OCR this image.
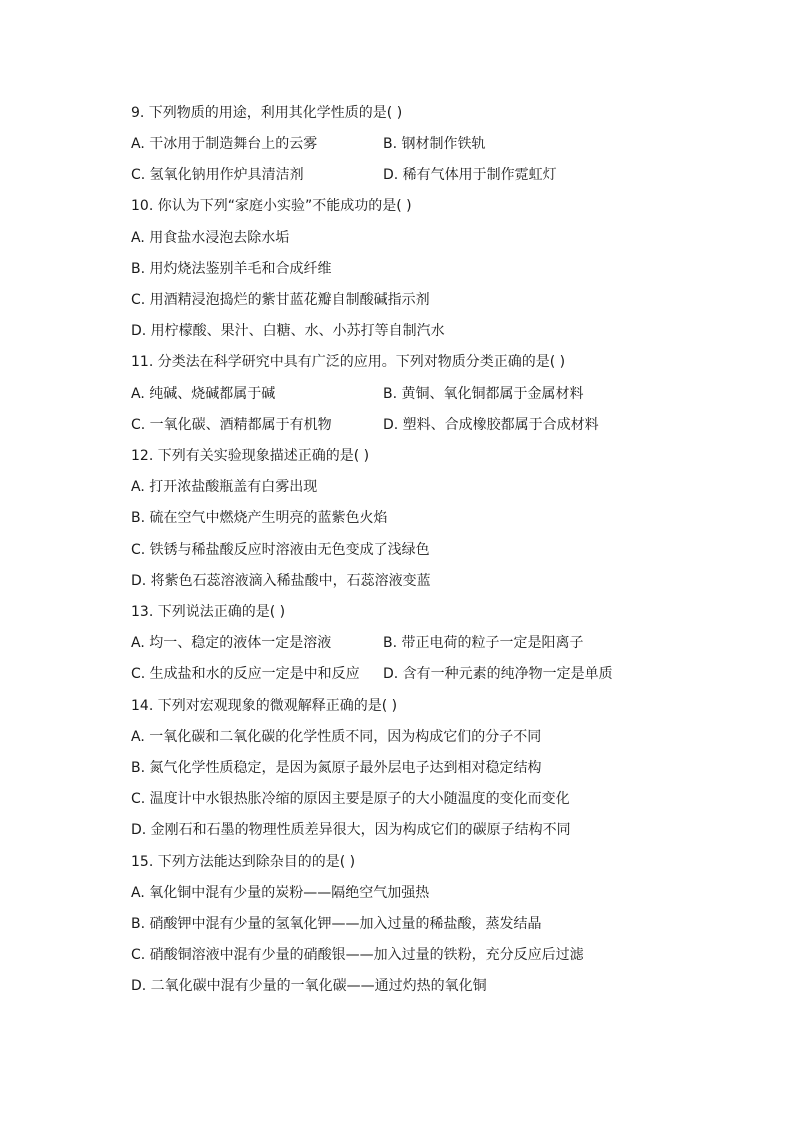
9. 下列物质的用途，利用其化学性质的是( )
A. 干冰用于制造舞台上的云雾	B. 钢材制作铁轨
C. 氢氧化钠用作炉具清洁剂	D. 稀有气体用于制作霓虹灯
10. 你认为下列“家庭小实验”不能成功的是( )
A. 用食盐水浸泡去除水垢
B. 用灼烧法鉴别羊毛和合成纤维
C. 用酒精浸泡捣烂的紫甘蓝花瓣自制酸碱指示剂
D. 用柠檬酸、果汁、白糖、水、小苏打等自制汽水
11. 分类法在科学研究中具有广泛的应用。下列对物质分类正确的是( )
A. 纯碱、烧碱都属于碱	B. 黄铜、氧化铜都属于金属材料
C. 一氧化碳、酒精都属于有机物	D. 塑料、合成橡胶都属于合成材料
12. 下列有关实验现象描述正确的是( )
A. 打开浓盐酸瓶盖有白雾出现
B. 硫在空气中燃烧产生明亮的蓝紫色火焰
C. 铁锈与稀盐酸反应时溶液由无色变成了浅绿色
D. 将紫色石蕊溶液滴入稀盐酸中，石蕊溶液变蓝
13. 下列说法正确的是( )
A. 均一、稳定的液体一定是溶液	B. 带正电荷的粒子一定是阳离子
C. 生成盐和水的反应一定是中和反应 D. 含有一种元素的纯净物一定是单质
14. 下列对宏观现象的微观解释正确的是( )
A. 一氧化碳和二氧化碳的化学性质不同，因为构成它们的分子不同
B. 氮气化学性质稳定，是因为氮原子最外层电子达到相对稳定结构
C. 温度计中水银热胀冷缩的原因主要是原子的大小随温度的变化而变化
D. 金刚石和石墨的物理性质差异很大，因为构成它们的碳原子结构不同
15. 下列方法能达到除杂目的的是( )
A. 氧化铜中混有少量的炭粉——隔绝空气加强热
B. 硝酸钾中混有少量的氢氧化钾——加入过量的稀盐酸，蒸发结晶
C. 硝酸铜溶液中混有少量的硝酸银——加入过量的铁粉，充分反应后过滤
D. 二氧化碳中混有少量的一氧化碳——通过灼热的氧化铜
